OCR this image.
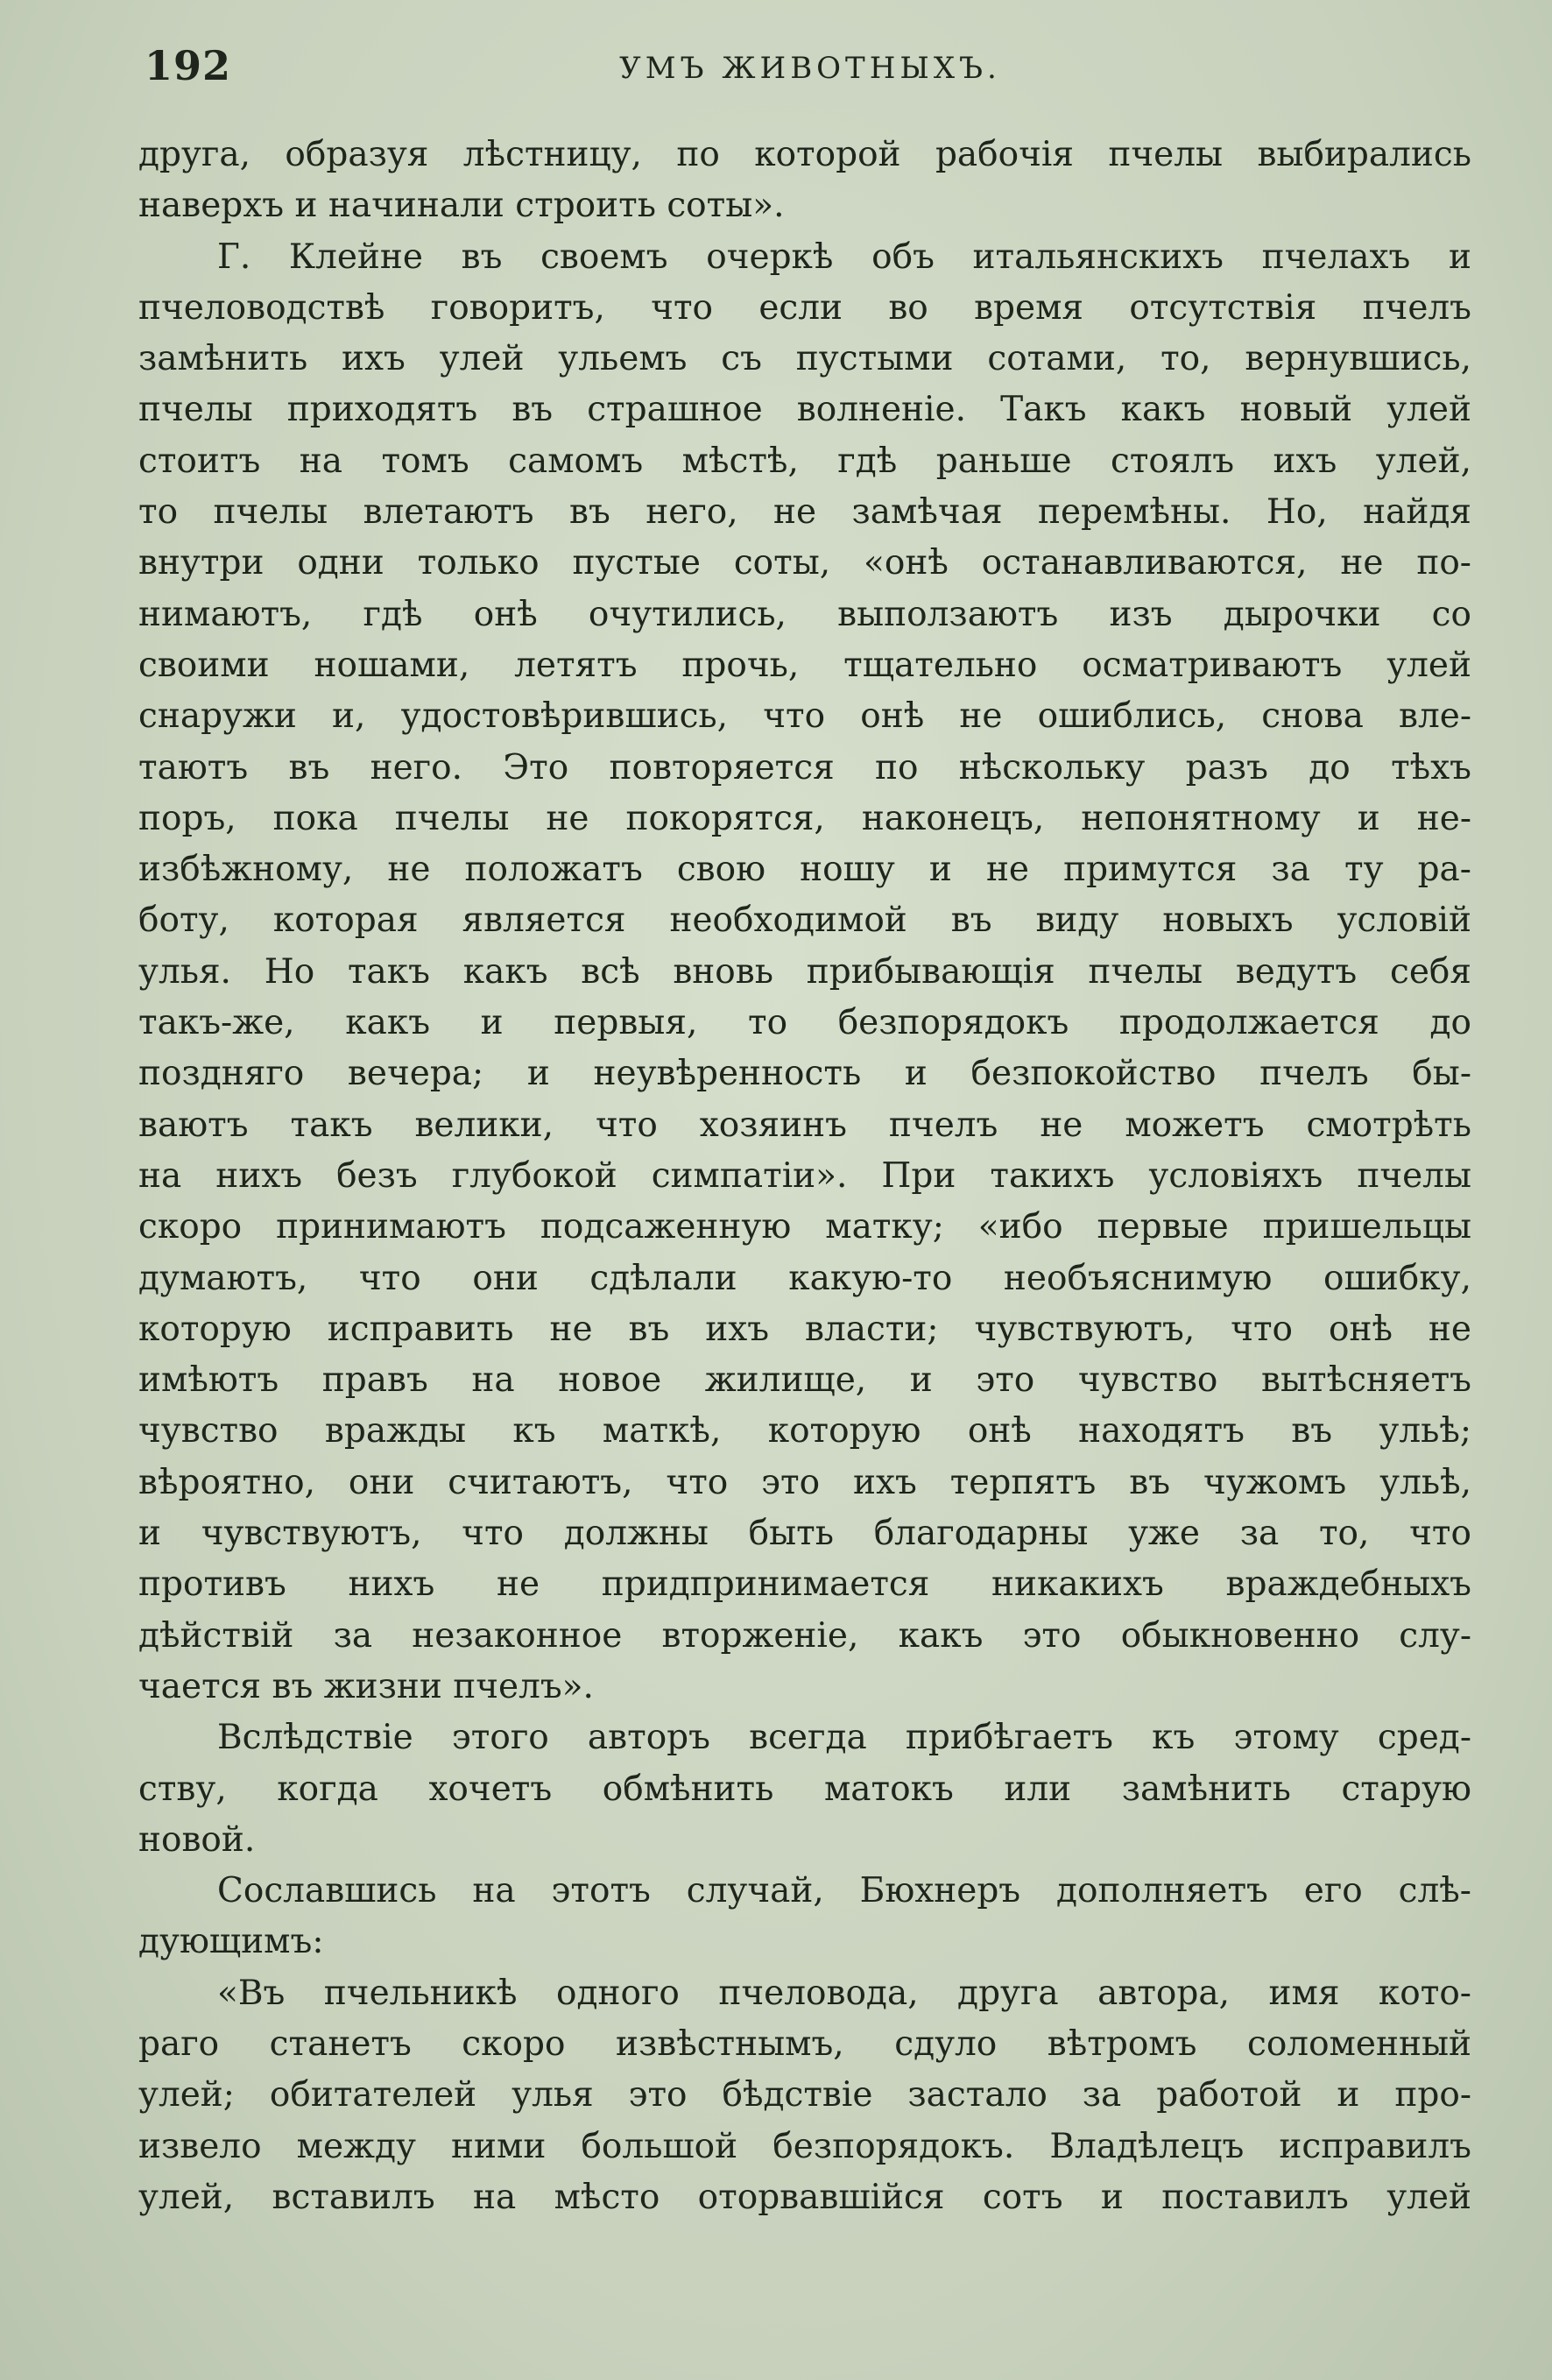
192	УМЪ ЖИВОТНЫХЪ.
друга, образуя лѣстницу, по которой рабочія пчелы выбирались
наверхъ и начинали строить соты».
Г. Клейне въ своемъ очеркѣ объ итальянскихъ пчелахъ и
пчеловодствѣ говоритъ, что если во время отсутствія пчелъ
замѣнить ихъ улей ульемъ съ пустыми сотами, то, вернувшись,
пчелы приходятъ въ страшное волненіе. Такъ какъ новый улей
стоитъ на томъ самомъ мѣстѣ, гдѣ раньше стоялъ ихъ улей,
то пчелы влетаютъ въ него, не замѣчая перемѣны. Но, найдя
внутри одни только пустые соты, «онѣ останавливаются, не по-
нимаютъ, гдѣ онѣ очутились, выползаютъ изъ дырочки со
своими ношами, летятъ прочь, тщательно осматриваютъ улей
снаружи и, удостовѣрившись, что онѣ не ошиблись, снова вле-
таютъ въ него. Это повторяется по нѣскольку разъ до тѣхъ
поръ, пока пчелы не покорятся, наконецъ, непонятному и не-
избѣжному, не положатъ свою ношу и не примутся за ту ра-
боту, которая является необходимой въ виду новыхъ условій
улья. Но такъ какъ всѣ вновь прибывающія пчелы ведутъ себя
такъ-же, какъ и первыя, то безпорядокъ продолжается до
поздняго вечера; и неувѣренность и безпокойство пчелъ бы-
ваютъ такъ велики, что хозяинъ пчелъ не можетъ смотрѣть
на нихъ безъ глубокой симпатіи». При такихъ условіяхъ пчелы
скоро принимаютъ подсаженную матку; «ибо первые пришельцы
думаютъ, что они сдѣлали какую-то необъяснимую ошибку,
которую исправить не въ ихъ власти; чувствуютъ, что онѣ не
имѣютъ правъ на новое жилище, и это чувство вытѣсняетъ
чувство вражды къ маткѣ, которую онѣ находятъ въ ульѣ;
вѣроятно, они считаютъ, что это ихъ терпятъ въ чужомъ ульѣ,
и чувствуютъ, что должны быть благодарны уже за то, что
противъ нихъ не придпринимается никакихъ враждебныхъ
дѣйствій за незаконное вторженіе, какъ это обыкновенно слу-
чается въ жизни пчелъ».
Вслѣдствіе этого авторъ всегда прибѣгаетъ къ этому сред-
ству, когда хочетъ обмѣнить матокъ или замѣнить старую
новой.
Сославшись на этотъ случай, Бюхнеръ дополняетъ его слѣ-
дующимъ:
«Въ пчельникѣ одного пчеловода, друга автора, имя кото-
раго станетъ скоро извѣстнымъ, сдуло вѣтромъ соломенный
улей; обитателей улья это бѣдствіе застало за работой и про-
извело между ними большой безпорядокъ. Владѣлецъ исправилъ
улей, вставилъ на мѣсто оторвавшійся сотъ и поставилъ улей
